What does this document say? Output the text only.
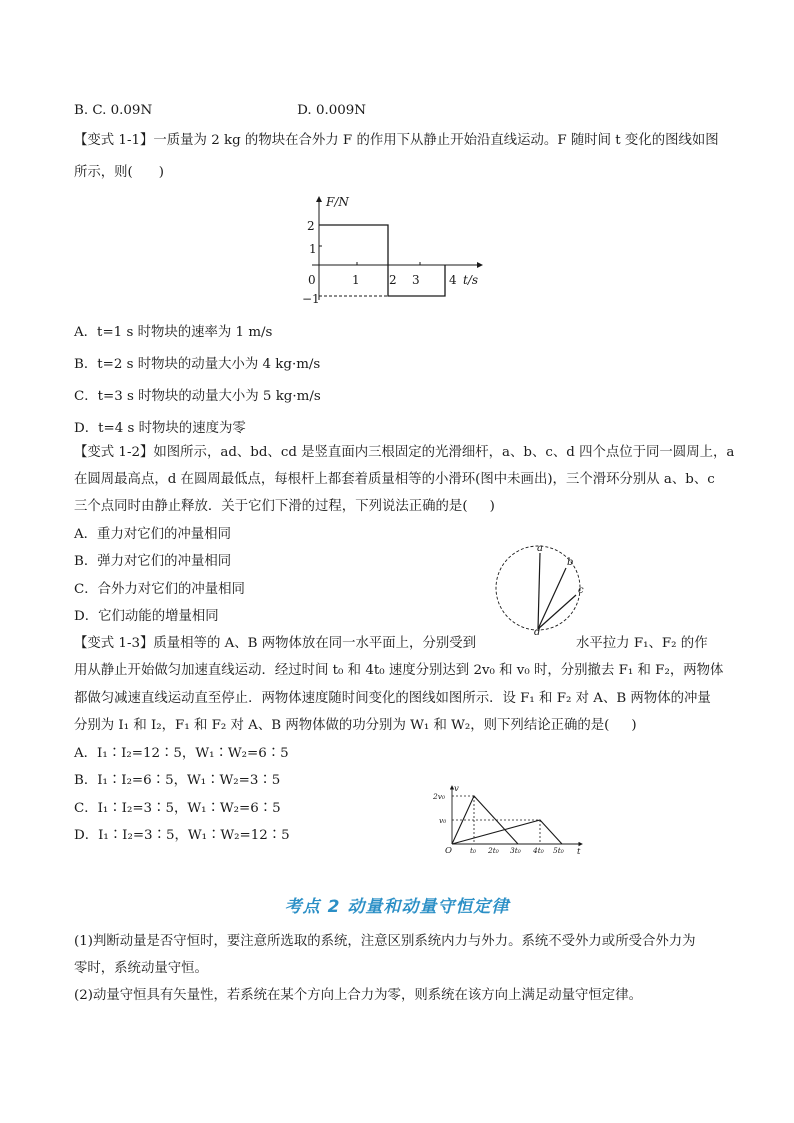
B. C. 0.09N	D. 0.009N
【变式 1-1】一质量为 2 kg 的物块在合外力 F 的作用下从静止开始沿直线运动。F 随时间 t 变化的图线如图
所示，则( )
F/N
t/s
0
2
1
−1
1 2 3 4
A．t=1 s 时物块的速率为 1 m/s
B．t=2 s 时物块的动量大小为 4 kg·m/s
C．t=3 s 时物块的动量大小为 5 kg·m/s
D．t=4 s 时物块的速度为零
【变式 1-2】如图所示，ad、bd、cd 是竖直面内三根固定的光滑细杆，a、b、c、d 四个点位于同一圆周上，a
在圆周最高点，d 在圆周最低点，每根杆上都套着质量相等的小滑环(图中未画出)，三个滑环分别从 a、b、c
三个点同时由静止释放．关于它们下滑的过程，下列说法正确的是( )
A．重力对它们的冲量相同
B．弹力对它们的冲量相同
C．合外力对它们的冲量相同
D．它们动能的增量相同
a
b
c
d
【变式 1-3】质量相等的 A、B 两物体放在同一水平面上，分别受到	水平拉力 F₁、F₂ 的作
用从静止开始做匀加速直线运动．经过时间 t₀ 和 4t₀ 速度分别达到 2v₀ 和 v₀ 时，分别撤去 F₁ 和 F₂，两物体
都做匀减速直线运动直至停止．两物体速度随时间变化的图线如图所示．设 F₁ 和 F₂ 对 A、B 两物体的冲量
分别为 I₁ 和 I₂，F₁ 和 F₂ 对 A、B 两物体做的功分别为 W₁ 和 W₂，则下列结论正确的是( )
A．I₁∶I₂=12∶5，W₁∶W₂=6∶5
B．I₁∶I₂=6∶5，W₁∶W₂=3∶5
C．I₁∶I₂=3∶5，W₁∶W₂=6∶5
D．I₁∶I₂=3∶5，W₁∶W₂=12∶5
v
t
O
2v₀
v₀
t₀ 2t₀ 3t₀ 4t₀ 5t₀
考点 2 动量和动量守恒定律
(1)判断动量是否守恒时，要注意所选取的系统，注意区别系统内力与外力。系统不受外力或所受合外力为
零时，系统动量守恒。
(2)动量守恒具有矢量性，若系统在某个方向上合力为零，则系统在该方向上满足动量守恒定律。
